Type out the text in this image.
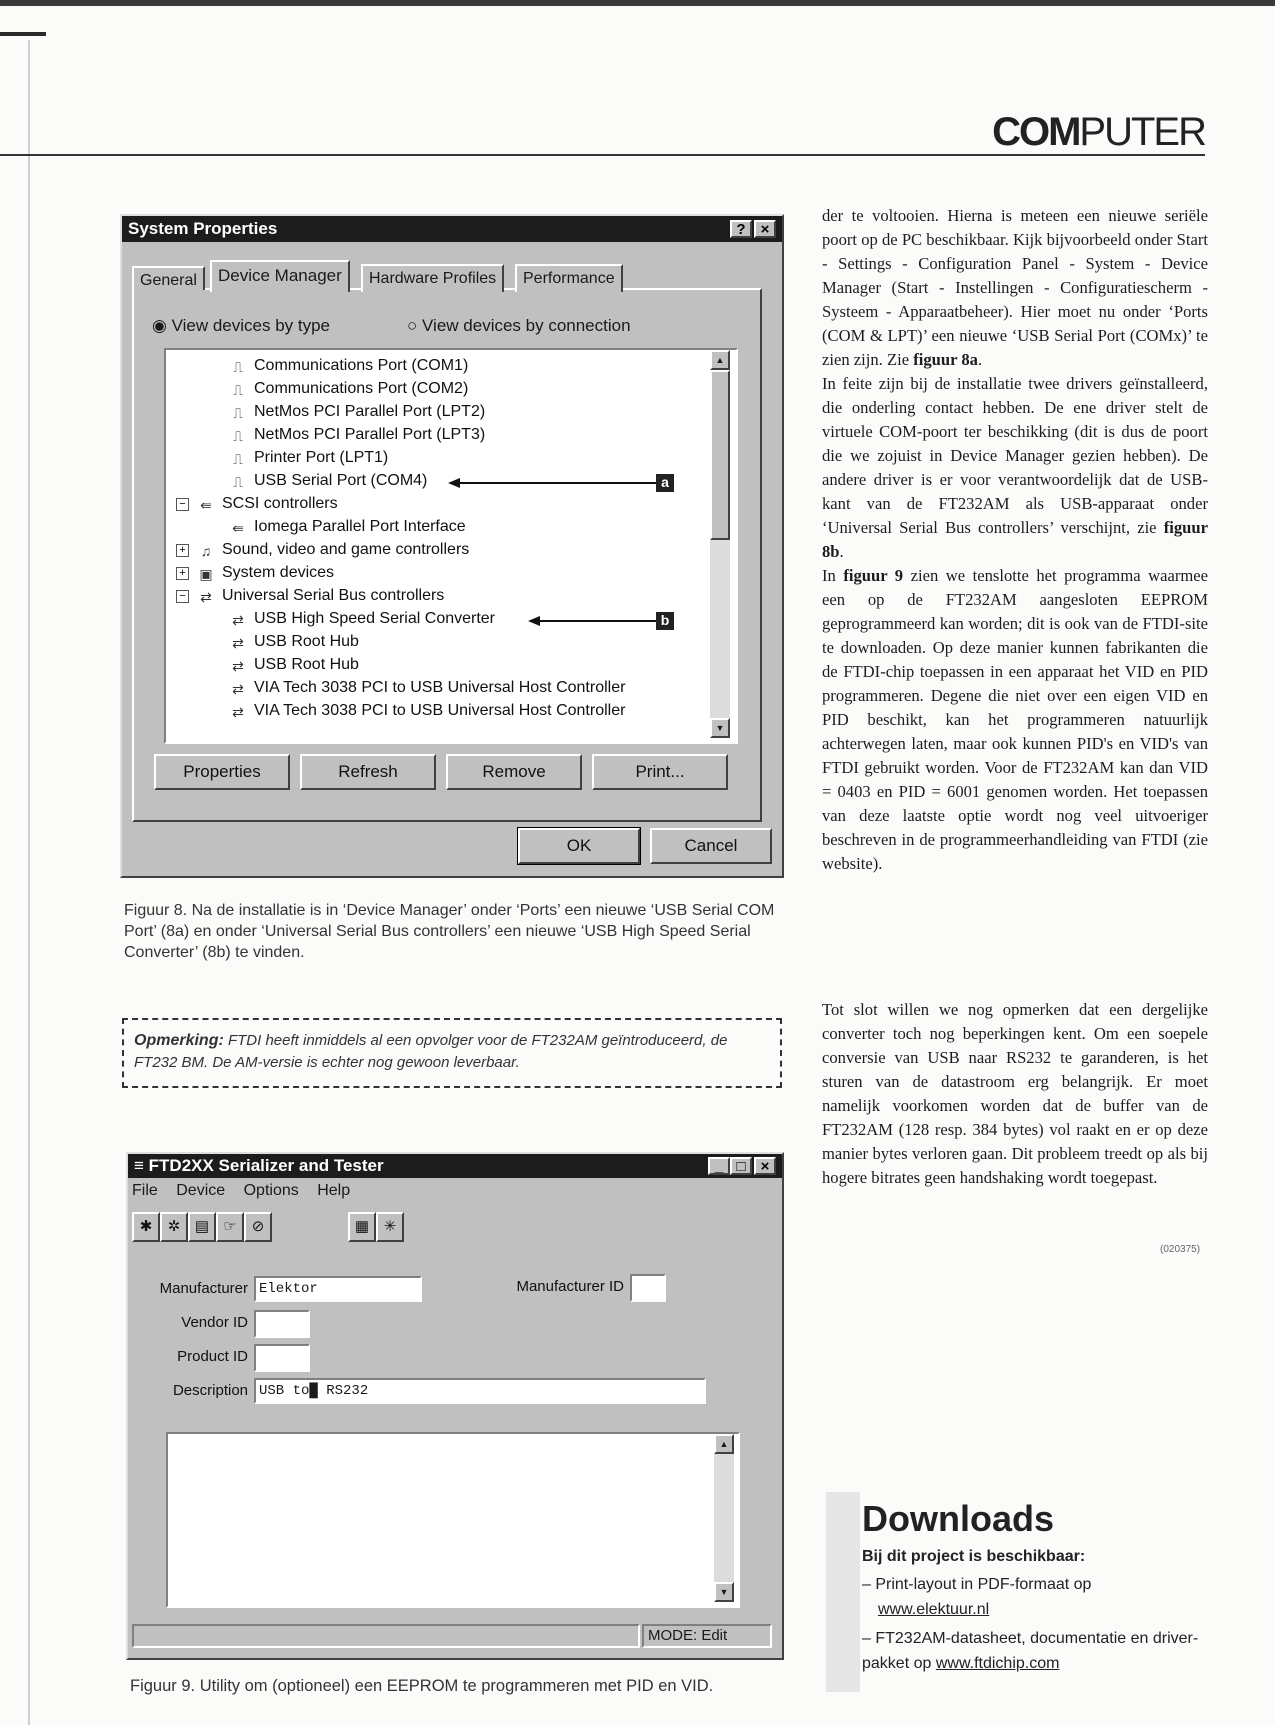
COMPUTER
System Properties	?	×
General	Device Manager	Hardware Profiles	Performance
◉ View devices by type	○ View devices by connection
⎍ Communications Port (COM1)
⎍ Communications Port (COM2)
⎍ NetMos PCI Parallel Port (LPT2)
⎍ NetMos PCI Parallel Port (LPT3)
⎍ Printer Port (LPT1)
⎍ USB Serial Port (COM4)
− ⇚ SCSI controllers
⇚ Iomega Parallel Port Interface
+	♫ Sound, video and game controllers
+ ▣ System devices
− ⇄ Universal Serial Bus controllers
⇄ USB High Speed Serial Converter
⇄ USB Root Hub
⇄ USB Root Hub
⇄ VIA Tech 3038 PCI to USB Universal Host Controller
⇄ VIA Tech 3038 PCI to USB Universal Host Controller
a
b
▲
▼
Properties	Refresh	Remove	Print...
OK	Cancel
Figuur 8. Na de installatie is in ‘Device Manager’ onder ‘Ports’ een nieuwe ‘USB Serial COM Port’ (8a) en onder ‘Universal Serial Bus controllers’ een nieuwe ‘USB High Speed Serial Converter’ (8b) te vinden.
Opmerking: FTDI heeft inmiddels al een opvolger voor de FT232AM geïntroduceerd, de FT232 BM. De AM-versie is echter nog gewoon leverbaar.
≡ FTD2XX Serializer and Tester	_ □	×
File Device Options Help
✱	✲ ▤ ☞ ⊘	▦ ✳
Manufacturer Elektor	Manufacturer ID
Vendor ID
Product ID
Description USB to█ RS232
▲
▼
MODE: Edit
Figuur 9. Utility om (optioneel) een EEPROM te programmeren met PID en VID.

der te voltooien. Hierna is meteen een nieuwe seriële poort op de PC beschikbaar. Kijk bijvoorbeeld onder Start - Settings - Configuration Panel - System - Device Manager (Start - Instellingen - Configuratiescherm - Systeem - Apparaatbeheer). Hier moet nu onder ‘Ports (COM & LPT)’ een nieuwe ‘USB Serial Port (COMx)’ te zien zijn. Zie figuur 8a.

In feite zijn bij de installatie twee drivers geïnstalleerd, die onderling contact hebben. De ene driver stelt de virtuele COM-poort ter beschikking (dit is dus de poort die we zojuist in Device Manager gezien hebben). De andere driver is er voor verantwoordelijk dat de USB-kant van de FT232AM als USB-apparaat onder ‘Universal Serial Bus controllers’ verschijnt, zie figuur 8b.

In figuur 9 zien we tenslotte het programma waarmee een op de FT232AM aangesloten EEPROM geprogrammeerd kan worden; dit is ook van de FTDI-site te downloaden. Op deze manier kunnen fabrikanten die de FTDI-chip toepassen in een apparaat het VID en PID programmeren. Degene die niet over een eigen VID en PID beschikt, kan het programmeren natuurlijk achterwegen laten, maar ook kunnen PID's en VID's van FTDI gebruikt worden. Voor de FT232AM kan dan VID = 0403 en PID = 6001 genomen worden. Het toepassen van deze laatste optie wordt nog veel uitvoeriger beschreven in de programmeerhandleiding van FTDI (zie website).

Tot slot willen we nog opmerken dat een dergelijke converter toch nog beperkingen kent. Om een soepele conversie van USB naar RS232 te garanderen, is het sturen van de datastroom erg belangrijk. Er moet namelijk voorkomen worden dat de buffer van de FT232AM (128 resp. 384 bytes) vol raakt en er op deze manier bytes verloren gaan. Dit probleem treedt op als bij hogere bitrates geen handshaking wordt toegepast.

(020375)
Downloads
Bij dit project is beschikbaar:
– Print-layout in PDF-formaat op
www.elektuur.nl
– FT232AM-datasheet, documentatie en driver-pakket op www.ftdichip.com
